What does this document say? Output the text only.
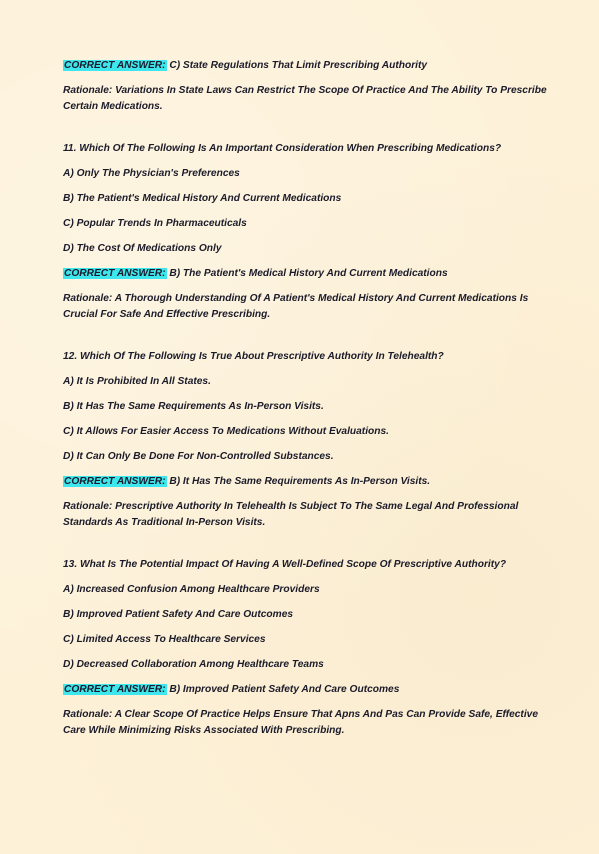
CORRECT ANSWER: C) State Regulations That Limit Prescribing Authority

Rationale: Variations In State Laws Can Restrict The Scope Of Practice And The Ability To Prescribe Certain Medications.

11. Which Of The Following Is An Important Consideration When Prescribing Medications?

A) Only The Physician's Preferences

B) The Patient's Medical History And Current Medications

C) Popular Trends In Pharmaceuticals

D) The Cost Of Medications Only

CORRECT ANSWER: B) The Patient's Medical History And Current Medications

Rationale: A Thorough Understanding Of A Patient's Medical History And Current Medications Is Crucial For Safe And Effective Prescribing.

12. Which Of The Following Is True About Prescriptive Authority In Telehealth?

A) It Is Prohibited In All States.

B) It Has The Same Requirements As In-Person Visits.

C) It Allows For Easier Access To Medications Without Evaluations.

D) It Can Only Be Done For Non-Controlled Substances.

CORRECT ANSWER: B) It Has The Same Requirements As In-Person Visits.

Rationale: Prescriptive Authority In Telehealth Is Subject To The Same Legal And Professional Standards As Traditional In-Person Visits.

13. What Is The Potential Impact Of Having A Well-Defined Scope Of Prescriptive Authority?

A) Increased Confusion Among Healthcare Providers

B) Improved Patient Safety And Care Outcomes

C) Limited Access To Healthcare Services

D) Decreased Collaboration Among Healthcare Teams

CORRECT ANSWER: B) Improved Patient Safety And Care Outcomes

Rationale: A Clear Scope Of Practice Helps Ensure That Apns And Pas Can Provide Safe, Effective Care While Minimizing Risks Associated With Prescribing.
